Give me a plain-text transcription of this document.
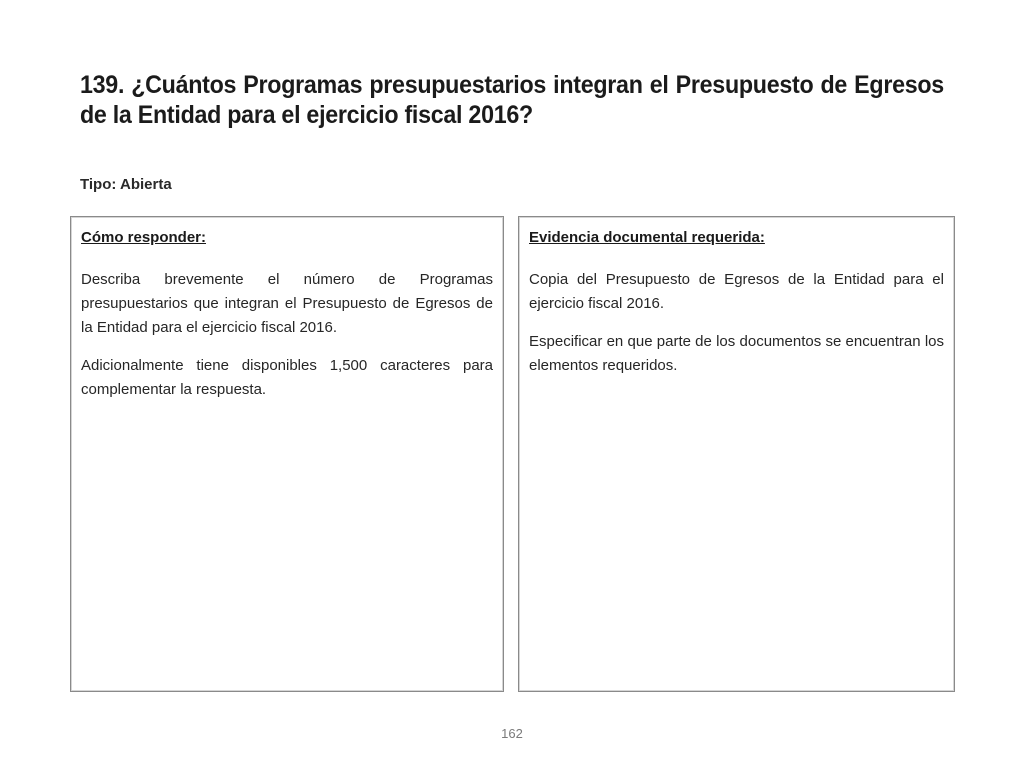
139. ¿Cuántos Programas presupuestarios integran el Presupuesto de Egresos de la Entidad para el ejercicio fiscal 2016?
Tipo: Abierta
Cómo responder:

Describa brevemente el número de Programas presupuestarios que integran el Presupuesto de Egresos de la Entidad para el ejercicio fiscal 2016.

Adicionalmente tiene disponibles 1,500 caracteres para complementar la respuesta.

Evidencia documental requerida:

Copia del Presupuesto de Egresos de la Entidad para el ejercicio fiscal 2016.

Especificar en que parte de los documentos se encuentran los elementos requeridos.

162
